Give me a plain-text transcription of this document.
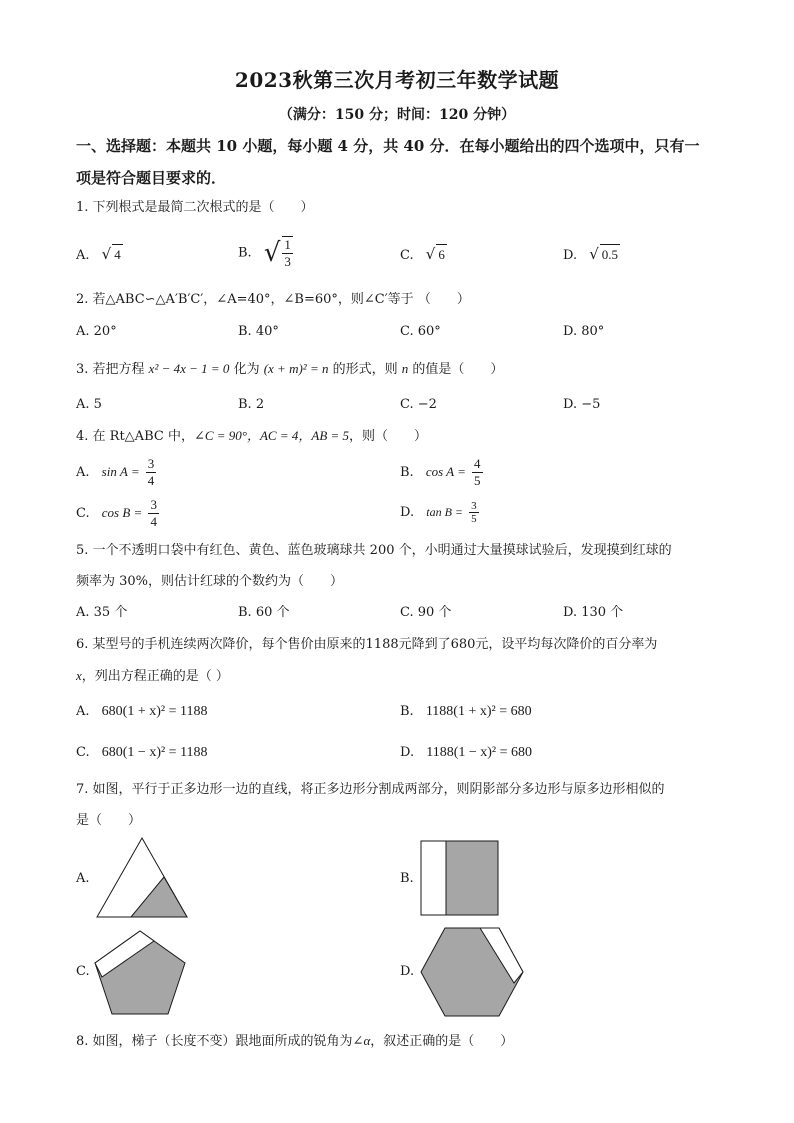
2023秋第三次月考初三年数学试题
（满分：150 分；时间：120 分钟）
一、选择题：本题共 10 小题，每小题 4 分，共 40 分．在每小题给出的四个选项中，只有一
项是符合题目要求的．
1. 下列根式是最简二次根式的是（　　）
A. √ 4	B. √ $\frac{1}{3}$	C. √ 6	D. √ 0.5
2. 若△ABC∽△A′B′C′，∠A=40°，∠B=60°，则∠C′等于 （　　）
A. 20°	B. 40°	C. 60°	D. 80°
3. 若把方程 x² − 4x − 1 = 0 化为 (x + m)² = n 的形式，则 n 的值是（　　）
A. 5	B. 2	C. −2	D. −5
4. 在 Rt△ABC 中，∠C = 90°，AC = 4，AB = 5，则（　　）
A. $\sin A = \frac{3}{4}$	B. $\cos A = \frac{4}{5}$
C. $\cos B = \frac{3}{4}$	D. $\tan B = \frac{3}{5}$
5. 一个不透明口袋中有红色、黄色、蓝色玻璃球共 200 个，小明通过大量摸球试验后，发现摸到红球的
频率为 30%，则估计红球的个数约为（　　）
A. 35 个	B. 60 个	C. 90 个	D. 130 个
6. 某型号的手机连续两次降价，每个售价由原来的1188元降到了680元，设平均每次降价的百分率为
x，列出方程正确的是（ ）
A. 680(1 + x)² = 1188	B. 1188(1 + x)² = 680
C. 680(1 − x)² = 1188	D. 1188(1 − x)² = 680
7. 如图，平行于正多边形一边的直线，将正多边形分割成两部分，则阴影部分多边形与原多边形相似的
是（　　）
A.	B.
C.	D.
8. 如图，梯子（长度不变）跟地面所成的锐角为∠α，叙述正确的是（　　）
